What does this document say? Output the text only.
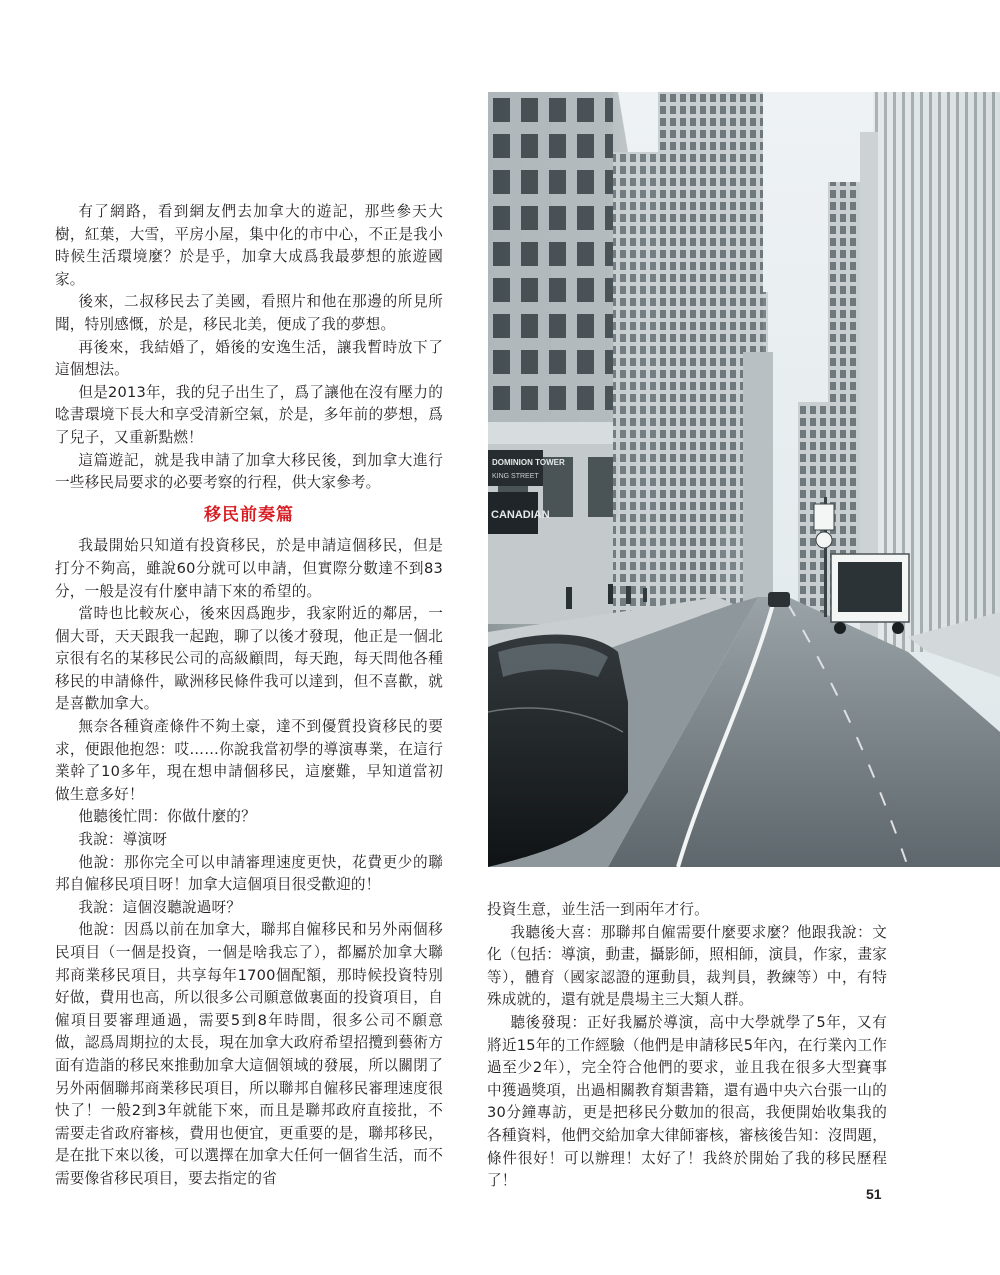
有了網路，看到網友們去加拿大的遊記，那些參天大樹，紅葉，大雪，平房小屋，集中化的市中心，不正是我小時候生活環境麼？於是乎，加拿大成爲我最夢想的旅遊國家。

後來，二叔移民去了美國，看照片和他在那邊的所見所聞，特別感慨，於是，移民北美，便成了我的夢想。

再後來，我結婚了，婚後的安逸生活，讓我暫時放下了這個想法。

但是2013年，我的兒子出生了，爲了讓他在沒有壓力的唸書環境下長大和享受清新空氣，於是，多年前的夢想，爲了兒子，又重新點燃！

這篇遊記，就是我申請了加拿大移民後，到加拿大進行一些移民局要求的必要考察的行程，供大家參考。

移民前奏篇

我最開始只知道有投資移民，於是申請這個移民，但是打分不夠高，雖說60分就可以申請，但實際分數達不到83分，一般是沒有什麼申請下來的希望的。

當時也比較灰心，後來因爲跑步，我家附近的鄰居，一個大哥，天天跟我一起跑，聊了以後才發現，他正是一個北京很有名的某移民公司的高級顧問，每天跑，每天問他各種移民的申請條件，歐洲移民條件我可以達到，但不喜歡，就是喜歡加拿大。

無奈各種資產條件不夠土豪，達不到優質投資移民的要求，便跟他抱怨：哎……你說我當初學的導演專業，在這行業幹了10多年，現在想申請個移民，這麼難，早知道當初做生意多好！

他聽後忙問：你做什麼的？

我說：導演呀

他說：那你完全可以申請審理速度更快，花費更少的聯邦自僱移民項目呀！加拿大這個項目很受歡迎的！

我說：這個沒聽說過呀？

他說：因爲以前在加拿大，聯邦自僱移民和另外兩個移民項目（一個是投資，一個是啥我忘了），都屬於加拿大聯邦商業移民項目，共享每年1700個配額，那時候投資特別好做，費用也高，所以很多公司願意做裏面的投資項目，自僱項目要審理通過，需要5到8年時間，很多公司不願意做，認爲周期拉的太長，現在加拿大政府希望招攬到藝術方面有造詣的移民來推動加拿大這個領域的發展，所以關閉了另外兩個聯邦商業移民項目，所以聯邦自僱移民審理速度很快了！一般2到3年就能下來，而且是聯邦政府直接批，不需要走省政府審核，費用也便宜，更重要的是，聯邦移民，是在批下來以後，可以選擇在加拿大任何一個省生活，而不需要像省移民項目，要去指定的省

DOMINION TOWER
KING STREET
CANADIAN

投資生意，並生活一到兩年才行。

我聽後大喜：那聯邦自僱需要什麼要求麼？他跟我說：文化（包括：導演，動畫，攝影師，照相師，演員，作家，畫家等），體育（國家認證的運動員，裁判員，教練等）中，有特殊成就的，還有就是農場主三大類人群。

聽後發現：正好我屬於導演，高中大學就學了5年，又有將近15年的工作經驗（他們是申請移民5年內，在行業內工作過至少2年），完全符合他們的要求，並且我在很多大型賽事中獲過獎項，出過相關教育類書籍，還有過中央六台張一山的30分鐘專訪，更是把移民分數加的很高，我便開始收集我的各種資料，他們交給加拿大律師審核，審核後告知：沒問題，條件很好！可以辦理！太好了！我終於開始了我的移民歷程了！

51
